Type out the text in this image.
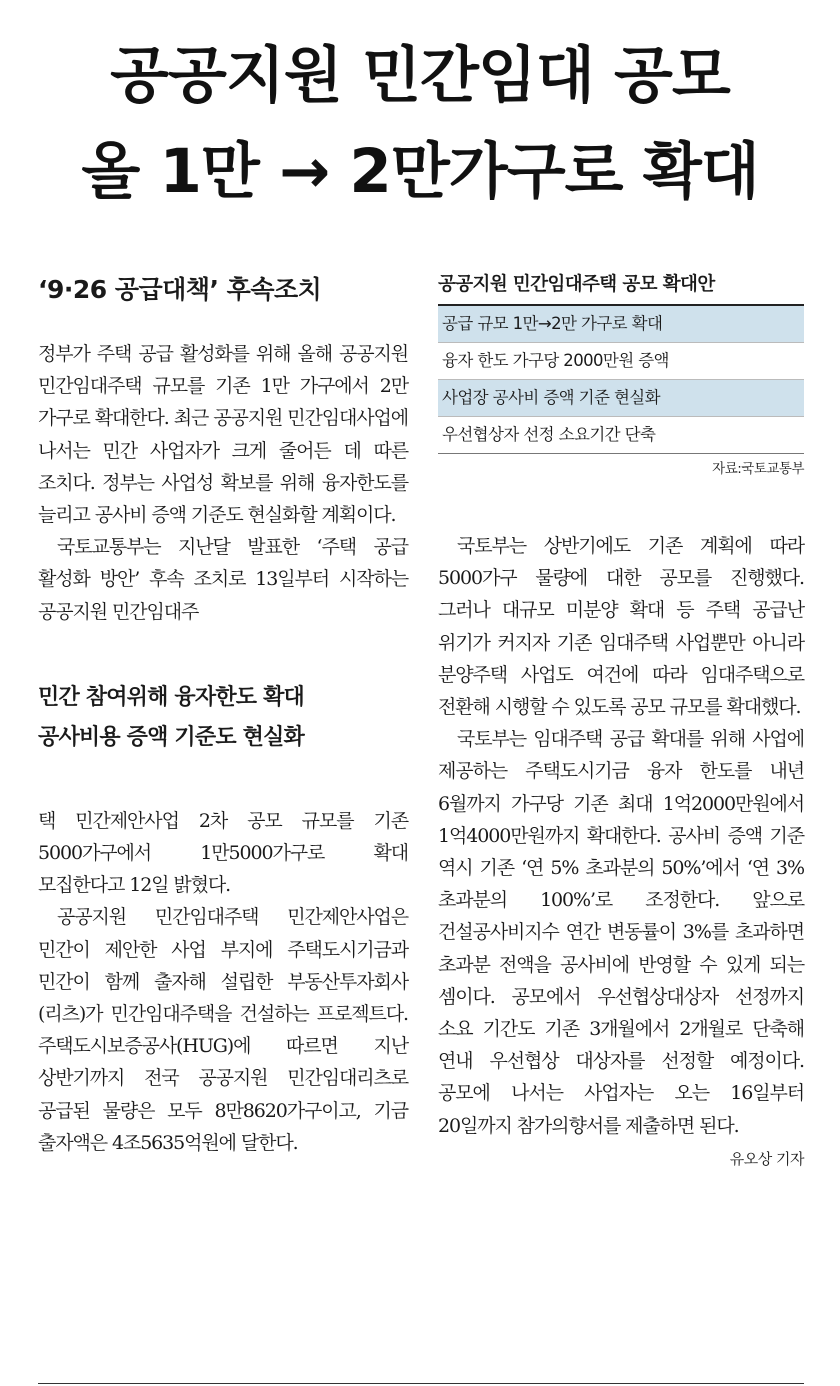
공공지원 민간임대 공모
올 1만 → 2만가구로 확대
‘9·26 공급대책’ 후속조치

정부가 주택 공급 활성화를 위해 올해 공공지원 민간임대주택 규모를 기존 1만 가구에서 2만 가구로 확대한다. 최근 공공지원 민간임대사업에 나서는 민간 사업자가 크게 줄어든 데 따른 조치다. 정부는 사업성 확보를 위해 융자한도를 늘리고 공사비 증액 기준도 현실화할 계획이다.

국토교통부는 지난달 발표한 ‘주택 공급 활성화 방안’ 후속 조치로 13일부터 시작하는 공공지원 민간임대주

민간 참여위해 융자한도 확대
공사비용 증액 기준도 현실화

택 민간제안사업 2차 공모 규모를 기존 5000가구에서 1만5000가구로 확대 모집한다고 12일 밝혔다.

공공지원 민간임대주택 민간제안사업은 민간이 제안한 사업 부지에 주택도시기금과 민간이 함께 출자해 설립한 부동산투자회사(리츠)가 민간임대주택을 건설하는 프로젝트다. 주택도시보증공사(HUG)에 따르면 지난 상반기까지 전국 공공지원 민간임대리츠로 공급된 물량은 모두 8만8620가구이고, 기금 출자액은 4조5635억원에 달한다.

공공지원 민간임대주택 공모 확대안
공급 규모 1만→2만 가구로 확대
융자 한도 가구당 2000만원 증액
사업장 공사비 증액 기준 현실화
우선협상자 선정 소요기간 단축
자료:국토교통부

국토부는 상반기에도 기존 계획에 따라 5000가구 물량에 대한 공모를 진행했다. 그러나 대규모 미분양 확대 등 주택 공급난 위기가 커지자 기존 임대주택 사업뿐만 아니라 분양주택 사업도 여건에 따라 임대주택으로 전환해 시행할 수 있도록 공모 규모를 확대했다.

국토부는 임대주택 공급 확대를 위해 사업에 제공하는 주택도시기금 융자 한도를 내년 6월까지 가구당 기존 최대 1억2000만원에서 1억4000만원까지 확대한다. 공사비 증액 기준 역시 기존 ‘연 5% 초과분의 50%’에서 ‘연 3% 초과분의 100%’로 조정한다. 앞으로 건설공사비지수 연간 변동률이 3%를 초과하면 초과분 전액을 공사비에 반영할 수 있게 되는 셈이다. 공모에서 우선협상대상자 선정까지 소요 기간도 기존 3개월에서 2개월로 단축해 연내 우선협상 대상자를 선정할 예정이다. 공모에 나서는 사업자는 오는 16일부터 20일까지 참가의향서를 제출하면 된다.

유오상 기자
